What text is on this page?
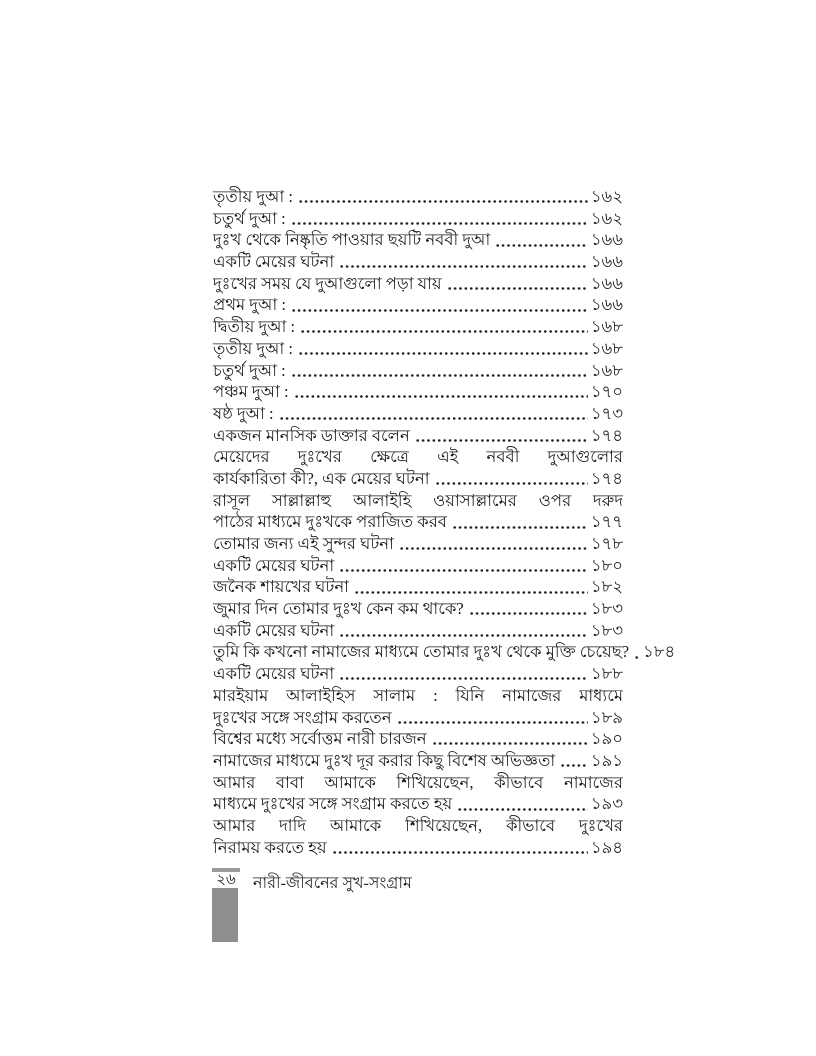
তৃতীয় দুআ :	১৬২
চতুর্থ দুআ :	১৬২
দুঃখ থেকে নিষ্কৃতি পাওয়ার ছয়টি নববী দুআ	১৬৬
একটি মেয়ের ঘটনা	১৬৬
দুঃখের সময় যে দুআগুলো পড়া যায়	১৬৬
প্রথম দুআ :	১৬৬
দ্বিতীয় দুআ :	১৬৮
তৃতীয় দুআ :	১৬৮
চতুর্থ দুআ :	১৬৮
পঞ্চম দুআ :	১৭০
ষষ্ঠ দুআ :	১৭৩
একজন মানসিক ডাক্তার বলেন	১৭৪
মেয়েদের দুঃখের ক্ষেত্রে এই নববী দুআগুলোর
কার্যকারিতা কী?, এক মেয়ের ঘটনা	১৭৪
রাসূল সাল্লাল্লাহু আলাইহি ওয়াসাল্লামের ওপর দরুদ
পাঠের মাধ্যমে দুঃখকে পরাজিত করব	১৭৭
তোমার জন্য এই সুন্দর ঘটনা	১৭৮
একটি মেয়ের ঘটনা	১৮০
জনৈক শায়খের ঘটনা	১৮২
জুমার দিন তোমার দুঃখ কেন কম থাকে?	১৮৩
একটি মেয়ের ঘটনা	১৮৩
তুমি কি কখনো নামাজের মাধ্যমে তোমার দুঃখ থেকে মুক্তি চেয়েছ? ১৮৪
একটি মেয়ের ঘটনা	১৮৮
মারইয়াম আলাইহিস সালাম : যিনি নামাজের মাধ্যমে
দুঃখের সঙ্গে সংগ্রাম করতেন	১৮৯
বিশ্বের মধ্যে সর্বোত্তম নারী চারজন	১৯০
নামাজের মাধ্যমে দুঃখ দূর করার কিছু বিশেষ অভিজ্ঞতা ১৯১
আমার বাবা আমাকে শিখিয়েছেন, কীভাবে নামাজের
মাধ্যমে দুঃখের সঙ্গে সংগ্রাম করতে হয়	১৯৩
আমার দাদি আমাকে শিখিয়েছেন, কীভাবে দুঃখের
নিরাময় করতে হয়	১৯৪
২৬ নারী-জীবনের সুখ-সংগ্রাম
